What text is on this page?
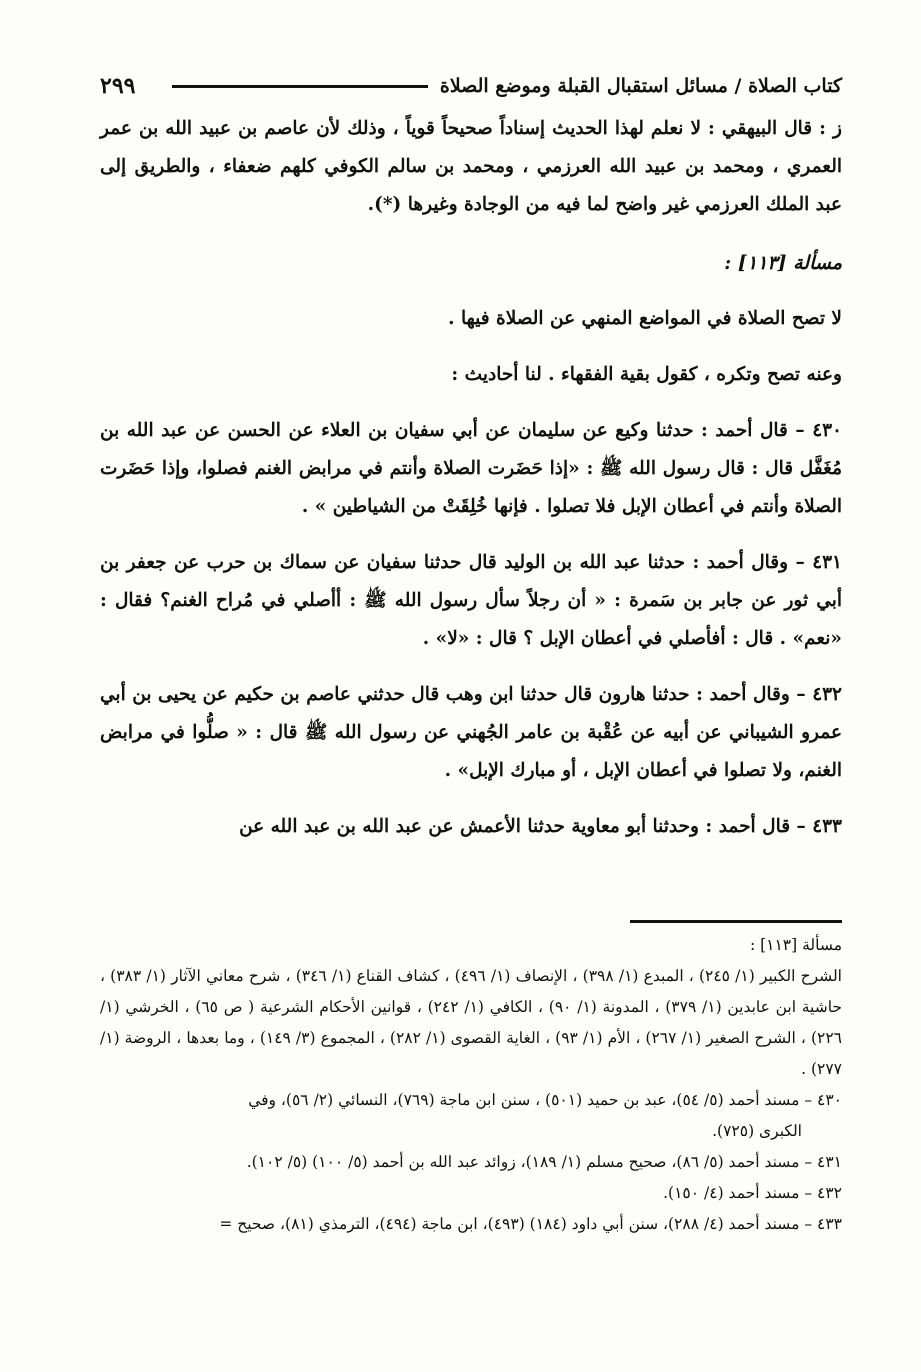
٢٩٩	كتاب الصلاة / مسائل استقبال القبلة وموضع الصلاة

ز : قال البيهقي : لا نعلم لهذا الحديث إسناداً صحيحاً قوياً ، وذلك لأن عاصم بن عبيد الله بن عمر العمري ، ومحمد بن عبيد الله العرزمي ، ومحمد بن سالم الكوفي كلهم ضعفاء ، والطريق إلى عبد الملك العرزمي غير واضح لما فيه من الوجادة وغيرها (*).

مسألة [١١٣] :

لا تصح الصلاة في المواضع المنهي عن الصلاة فيها .

وعنه تصح وتكره ، كقول بقية الفقهاء . لنا أحاديث :

٤٣٠ – قال أحمد : حدثنا وكيع عن سليمان عن أبي سفيان بن العلاء عن الحسن عن عبد الله بن مُغَفَّل قال : قال رسول الله ﷺ : «إذا حَضَرت الصلاة وأنتم في مرابض الغنم فصلوا، وإذا حَضَرت الصلاة وأنتم في أعطان الإبل فلا تصلوا . فإنها خُلِقَتْ من الشياطين » .

٤٣١ – وقال أحمد : حدثنا عبد الله بن الوليد قال حدثنا سفيان عن سماك بن حرب عن جعفر بن أبي ثور عن جابر بن سَمرة : « أن رجلاً سأل رسول الله ﷺ : أأصلي في مُراح الغنم؟ فقال : «نعم» . قال : أفأصلي في أعطان الإبل ؟ قال : «لا» .

٤٣٢ – وقال أحمد : حدثنا هارون قال حدثنا ابن وهب قال حدثني عاصم بن حكيم عن يحيى بن أبي عمرو الشيباني عن أبيه عن عُقْبة بن عامر الجُهني عن رسول الله ﷺ قال : « صلُّوا في مرابض الغنم، ولا تصلوا في أعطان الإبل ، أو مبارك الإبل» .

٤٣٣ – قال أحمد : وحدثنا أبو معاوية حدثنا الأعمش عن عبد الله بن عبد الله عن

مسألة [١١٣] :

الشرح الكبير (١/ ٢٤٥) ، المبدع (١/ ٣٩٨) ، الإنصاف (١/ ٤٩٦) ، كشاف القناع (١/ ٣٤٦) ، شرح معاني الآثار (١/ ٣٨٣) ، حاشية ابن عابدين (١/ ٣٧٩) ، المدونة (١/ ٩٠) ، الكافي (١/ ٢٤٢) ، قوانين الأحكام الشرعية ( ص ٦٥) ، الخرشي (١/ ٢٢٦) ، الشرح الصغير (١/ ٢٦٧) ، الأم (١/ ٩٣) ، الغاية القصوى (١/ ٢٨٢) ، المجموع (٣/ ١٤٩) ، وما بعدها ، الروضة (١/ ٢٧٧) .

٤٣٠ – مسند أحمد (٥/ ٥٤)، عبد بن حميد (٥٠١) ، سنن ابن ماجة (٧٦٩)، النسائي (٢/ ٥٦)، وفي

الكبرى (٧٢٥).

٤٣١ – مسند أحمد (٥/ ٨٦)، صحيح مسلم (١/ ١٨٩)، زوائد عبد الله بن أحمد (٥/ ١٠٠) (٥/ ١٠٢).

٤٣٢ – مسند أحمد (٤/ ١٥٠).

٤٣٣ – مسند أحمد (٤/ ٢٨٨)، سنن أبي داود (١٨٤) (٤٩٣)، ابن ماجة (٤٩٤)، الترمذي (٨١)، صحيح =
